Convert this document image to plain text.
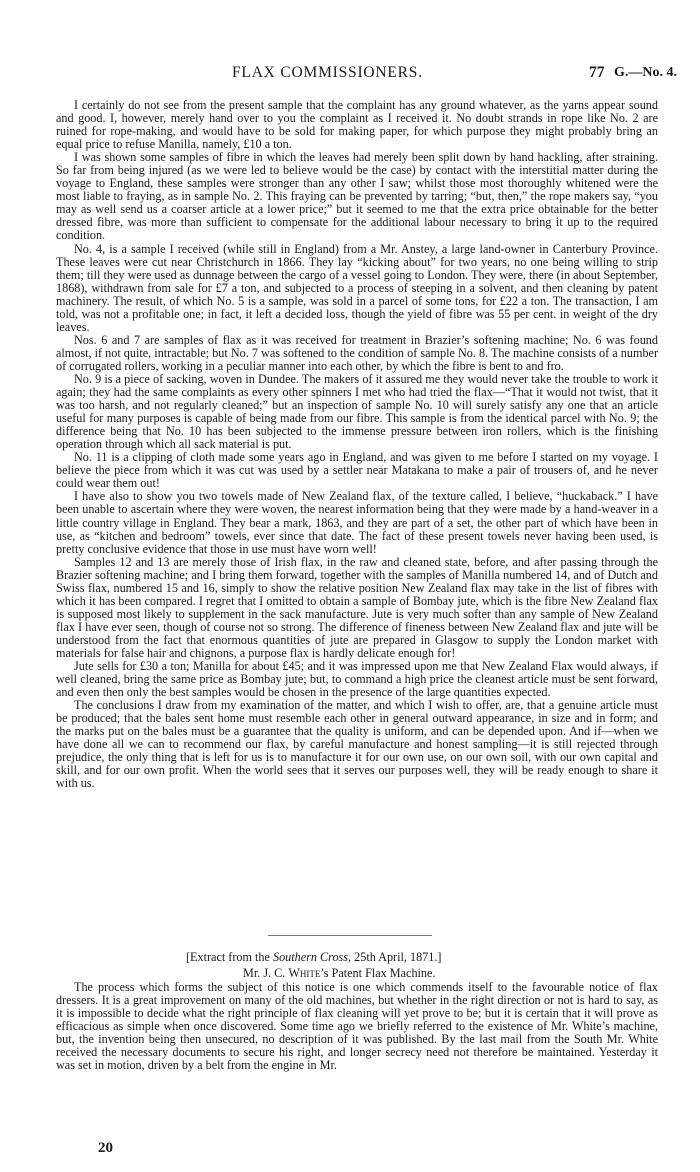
FLAX COMMISSIONERS.	77 G.—No. 4.

I certainly do not see from the present sample that the complaint has any ground whatever, as the yarns appear sound and good. I, however, merely hand over to you the complaint as I received it. No doubt strands in rope like No. 2 are ruined for rope-making, and would have to be sold for making paper, for which purpose they might probably bring an equal price to refuse Manilla, namely, £10 a ton.

I was shown some samples of fibre in which the leaves had merely been split down by hand hackling, after straining. So far from being injured (as we were led to believe would be the case) by contact with the interstitial matter during the voyage to England, these samples were stronger than any other I saw; whilst those most thoroughly whitened were the most liable to fraying, as in sample No. 2. This fraying can be prevented by tarring; “but, then,” the rope makers say, “you may as well send us a coarser article at a lower price;” but it seemed to me that the extra price obtainable for the better dressed fibre, was more than sufficient to compensate for the additional labour necessary to bring it up to the required condition.

No. 4, is a sample I received (while still in England) from a Mr. Anstey, a large land-owner in Canterbury Province. These leaves were cut near Christchurch in 1866. They lay “kicking about” for two years, no one being willing to strip them; till they were used as dunnage between the cargo of a vessel going to London. They were, there (in about September, 1868), withdrawn from sale for £7 a ton, and subjected to a process of steeping in a solvent, and then cleaning by patent machinery. The result, of which No. 5 is a sample, was sold in a parcel of some tons, for £22 a ton. The transaction, I am told, was not a profitable one; in fact, it left a decided loss, though the yield of fibre was 55 per cent. in weight of the dry leaves.

Nos. 6 and 7 are samples of flax as it was received for treatment in Brazier’s softening machine; No. 6 was found almost, if not quite, intractable; but No. 7 was softened to the condition of sample No. 8. The machine consists of a number of corrugated rollers, working in a peculiar manner into each other, by which the fibre is bent to and fro.

No. 9 is a piece of sacking, woven in Dundee. The makers of it assured me they would never take the trouble to work it again; they had the same complaints as every other spinners I met who had tried the flax—“That it would not twist, that it was too harsh, and not regularly cleaned;” but an inspection of sample No. 10 will surely satisfy any one that an article useful for many purposes is capable of being made from our fibre. This sample is from the identical parcel with No. 9; the difference being that No. 10 has been subjected to the immense pressure between iron rollers, which is the finishing operation through which all sack material is put.

No. 11 is a clipping of cloth made some years ago in England, and was given to me before I started on my voyage. I believe the piece from which it was cut was used by a settler near Matakana to make a pair of trousers of, and he never could wear them out!

I have also to show you two towels made of New Zealand flax, of the texture called, I believe, “huckaback.” I have been unable to ascertain where they were woven, the nearest information being that they were made by a hand-weaver in a little country village in England. They bear a mark, 1863, and they are part of a set, the other part of which have been in use, as “kitchen and bedroom” towels, ever since that date. The fact of these present towels never having been used, is pretty conclusive evidence that those in use must have worn well!

Samples 12 and 13 are merely those of Irish flax, in the raw and cleaned state, before, and after passing through the Brazier softening machine; and I bring them forward, together with the samples of Manilla numbered 14, and of Dutch and Swiss flax, numbered 15 and 16, simply to show the relative position New Zealand flax may take in the list of fibres with which it has been compared. I regret that I omitted to obtain a sample of Bombay jute, which is the fibre New Zealand flax is supposed most likely to supplement in the sack manufacture. Jute is very much softer than any sample of New Zealand flax I have ever seen, though of course not so strong. The difference of fineness between New Zealand flax and jute will be understood from the fact that enormous quantities of jute are prepared in Glasgow to supply the London market with materials for false hair and chignons, a purpose flax is hardly delicate enough for!

Jute sells for £30 a ton; Manilla for about £45; and it was impressed upon me that New Zealand Flax would always, if well cleaned, bring the same price as Bombay jute; but, to command a high price the cleanest article must be sent forward, and even then only the best samples would be chosen in the presence of the large quantities expected.

The conclusions I draw from my examination of the matter, and which I wish to offer, are, that a genuine article must be produced; that the bales sent home must resemble each other in general outward appearance, in size and in form; and the marks put on the bales must be a guarantee that the quality is uniform, and can be depended upon. And if—when we have done all we can to recommend our flax, by careful manufacture and honest sampling—it is still rejected through prejudice, the only thing that is left for us is to manufacture it for our own use, on our own soil, with our own capital and skill, and for our own profit. When the world sees that it serves our purposes well, they will be ready enough to share it with us.

[Extract from the Southern Cross, 25th April, 1871.]
Mr. J. C. White’s Patent Flax Machine.

The process which forms the subject of this notice is one which commends itself to the favourable notice of flax dressers. It is a great improvement on many of the old machines, but whether in the right direction or not is hard to say, as it is impossible to decide what the right principle of flax cleaning will yet prove to be; but it is certain that it will prove as efficacious as simple when once discovered. Some time ago we briefly referred to the existence of Mr. White’s machine, but, the invention being then unsecured, no description of it was published. By the last mail from the South Mr. White received the necessary documents to secure his right, and longer secrecy need not therefore be maintained. Yesterday it was set in motion, driven by a belt from the engine in Mr.

20
